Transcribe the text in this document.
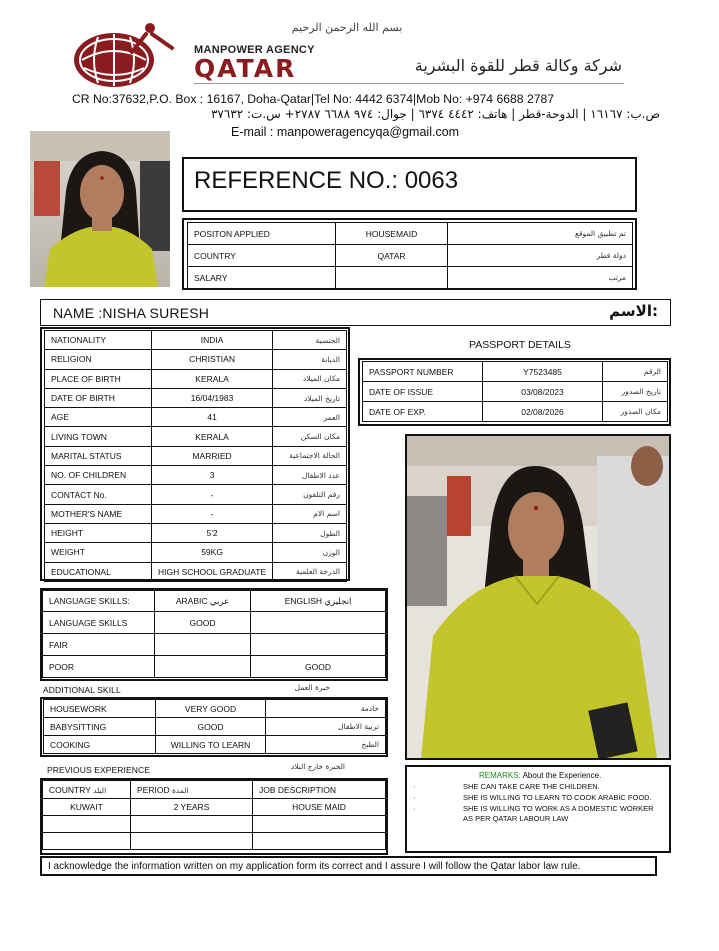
بسم الله الرحمن الرحيم
MANPOWER AGENCY
QATAR	شركة وكالة قطر للقوة البشرية
CR No:37632,P.O. Box : 16167, Doha-Qatar|Tel No: 4442 6374|Mob No: +974 6688 2787
ص.ب: ١٦١٦٧ | الدوحة-قطر | هاتف: ٤٤٤٢ ٦٣٧٤ | جوال: ٩٧٤ ٦٦٨٨ ٢٧٨٧+ س.ت: ٣٧٦٣٢
E-mail : manpoweragencyqa@gmail.com
REFERENCE NO.: 0063
POSITON APPLIED	HOUSEMAID	تم تطبيق الموقع
COUNTRY	QATAR	دولة قطر
SALARY		مرتب
NAME :NISHA SURESH	:الاسم
NATIONALITY	INDIA	الجنسية
RELIGION	CHRISTIAN	الديانة
PLACE OF BIRTH	KERALA	مكان الميلاد
DATE OF BIRTH	16/04/1983	تاريخ الميلاد
AGE	41	العمر
LIVING TOWN	KERALA	مكان السكن
MARITAL STATUS	MARRIED	الحالة الاجتماعية
NO. OF CHILDREN	3	عدد الاطفال
CONTACT No.	-	رقم التلفون
MOTHER'S NAME	-	اسم الام
HEIGHT	5'2	الطول
WEIGHT	59KG	الوزن
EDUCATIONAL	HIGH SCHOOL GRADUATE	الدرجة العلمية
PASSPORT DETAILS
PASSPORT NUMBER	Y7523485	الرقم
DATE OF ISSUE	03/08/2023	تاريخ الصدور
DATE OF EXP.	02/08/2026	مكان الصدور
LANGUAGE SKILLS:	ARABIC عربي	ENGLISH انجليزي
LANGUAGE SKILLS	GOOD	
FAIR		
POOR		GOOD
ADDITIONAL SKILL	خبرة العمل
HOUSEWORK	VERY GOOD	خادمة
BABYSITTING	GOOD	تربية الاطفال
COOKING	WILLING TO LEARN	الطبخ
PREVIOUS EXPERIENCE	الخبرة خارج البلاد
COUNTRY البلد	PERIOD المدة	JOB DESCRIPTION
KUWAIT	2 YEARS	HOUSE MAID

REMARKS: About the Experience.
·	SHE CAN TAKE CARE THE CHILDREN.
·	SHE IS WILLING TO LEARN TO COOK ARABIC FOOD.
·	SHE IS WILLING TO WORK AS A DOMESTIC WORKER AS PER QATAR LABOUR LAW
I acknowledge the information written on my application form its correct and I assure I will follow the Qatar labor law rule.
